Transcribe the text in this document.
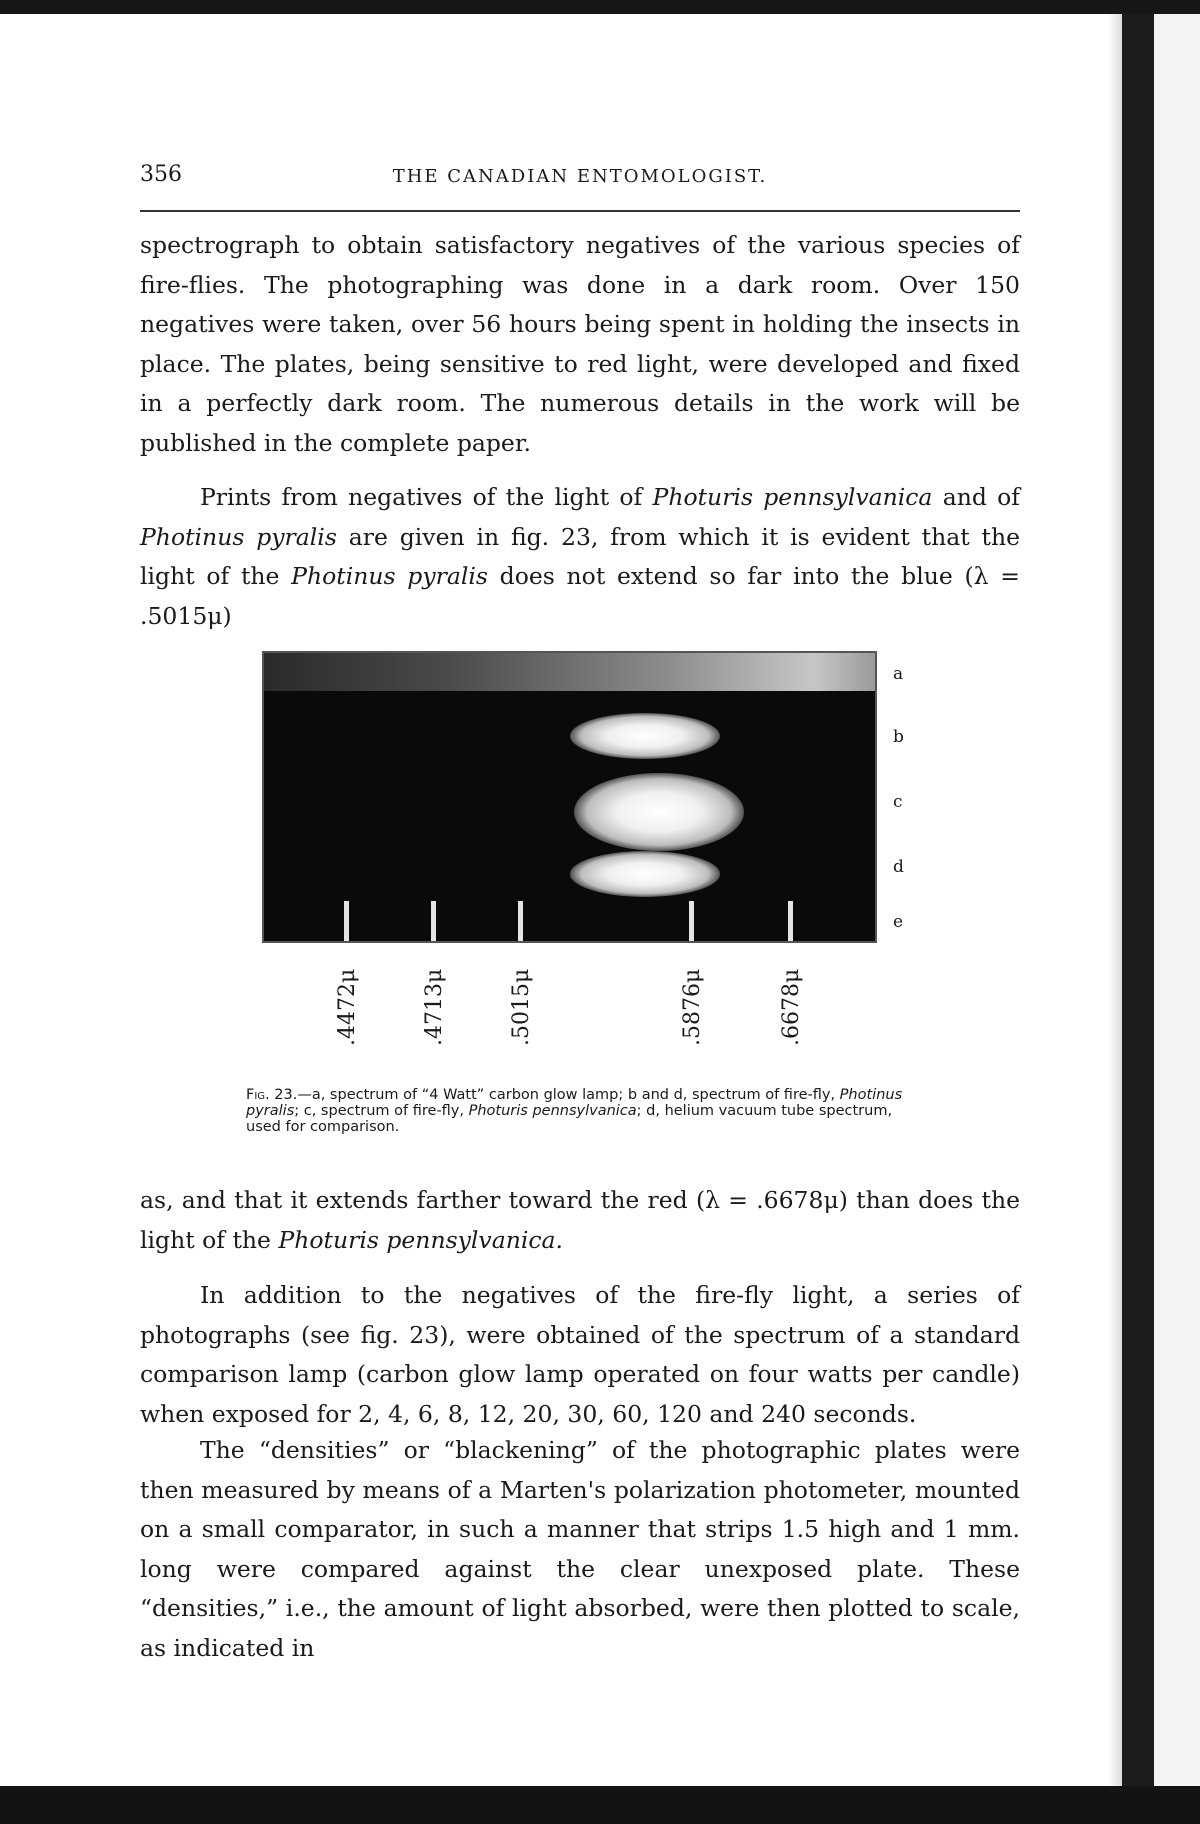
356	THE CANADIAN ENTOMOLOGIST.

spectrograph to obtain satisfactory negatives of the various species of fire-flies. The photographing was done in a dark room. Over 150 negatives were taken, over 56 hours being spent in holding the insects in place. The plates, being sensitive to red light, were developed and fixed in a perfectly dark room. The numerous details in the work will be published in the complete paper.

Prints from negatives of the light of Photuris pennsylvanica and of Photinus pyralis are given in fig. 23, from which it is evident that the light of the Photinus pyralis does not extend so far into the blue (λ = .5015μ)

a
b
c
d
e
.4472μ	.4713μ	.5015μ	.5876μ	.6678μ
Fig. 23.—a, spectrum of “4 Watt” carbon glow lamp; b and d, spectrum of fire-fly, Photinus pyralis; c, spectrum of fire-fly, Photuris pennsylvanica; d, helium vacuum tube spectrum, used for comparison.

as, and that it extends farther toward the red (λ = .6678μ) than does the light of the Photuris pennsylvanica.

In addition to the negatives of the fire-fly light, a series of photographs (see fig. 23), were obtained of the spectrum of a standard comparison lamp (carbon glow lamp operated on four watts per candle) when exposed for 2, 4, 6, 8, 12, 20, 30, 60, 120 and 240 seconds.

The “densities” or “blackening” of the photographic plates were then measured by means of a Marten's polarization photometer, mounted on a small comparator, in such a manner that strips 1.5 high and 1 mm. long were compared against the clear unexposed plate. These “densities,” i.e., the amount of light absorbed, were then plotted to scale, as indicated in
